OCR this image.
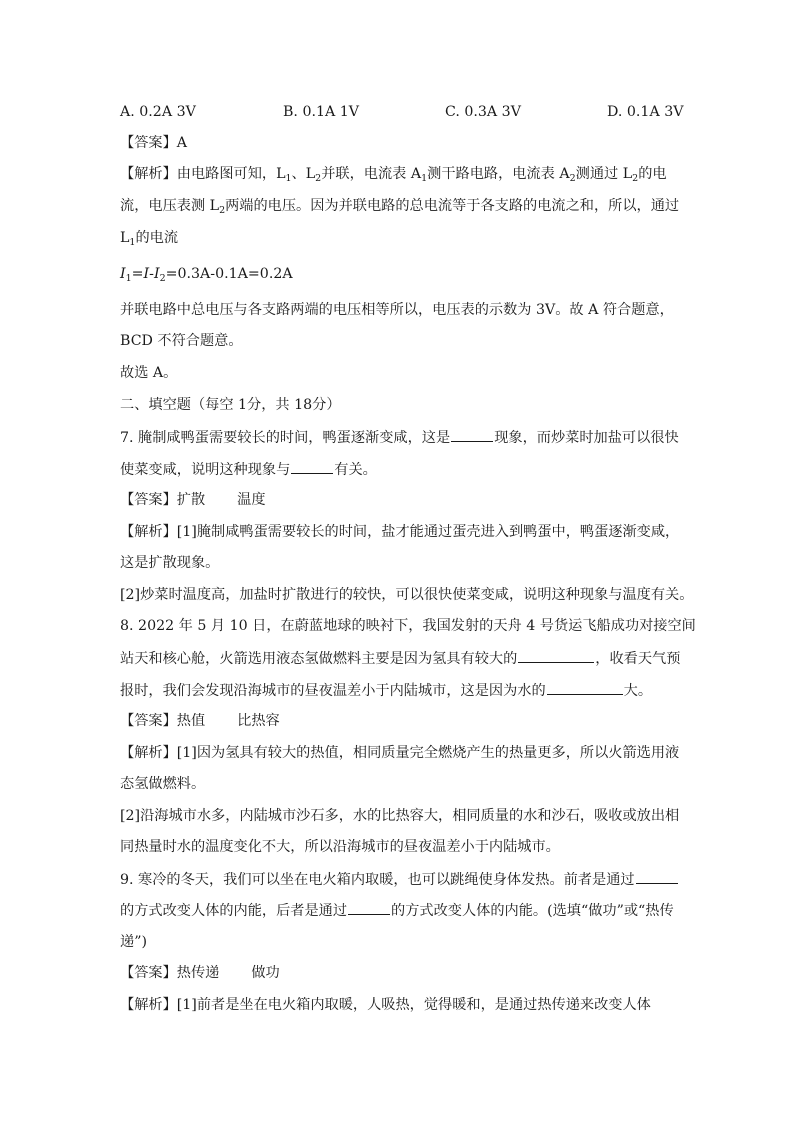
A. 0.2A 3V	B. 0.1A 1V	C. 0.3A 3V	D. 0.1A 3V
【答案】A
【解析】由电路图可知，$L_1$、$L_2$并联，电流表 $A_1$测干路电路，电流表 $A_2$测通过 $L_2$的电
流，电压表测 $L_2$两端的电压。因为并联电路的总电流等于各支路的电流之和，所以，通过
$L_1$的电流
$I_1=I-I_2=0.3A-0.1A=0.2A$
并联电路中总电压与各支路两端的电压相等所以，电压表的示数为 3V。故 A 符合题意，
BCD 不符合题意。
故选 A。
二、填空题（每空 1分，共 18分）
7. 腌制咸鸭蛋需要较长的时间，鸭蛋逐渐变咸，这是	现象，而炒菜时加盐可以很快
使菜变咸，说明这种现象与	有关。
【答案】扩散 温度
【解析】[1]腌制咸鸭蛋需要较长的时间，盐才能通过蛋壳进入到鸭蛋中，鸭蛋逐渐变咸，
这是扩散现象。
[2]炒菜时温度高，加盐时扩散进行的较快，可以很快使菜变咸，说明这种现象与温度有关。
8. 2022 年 5 月 10 日，在蔚蓝地球的映衬下，我国发射的天舟 4 号货运飞船成功对接空间
站天和核心舱，火箭选用液态氢做燃料主要是因为氢具有较大的	，收看天气预
报时，我们会发现沿海城市的昼夜温差小于内陆城市，这是因为水的	大。
【答案】热值 比热容
【解析】[1]因为氢具有较大的热值，相同质量完全燃烧产生的热量更多，所以火箭选用液
态氢做燃料。
[2]沿海城市水多，内陆城市沙石多，水的比热容大，相同质量的水和沙石，吸收或放出相
同热量时水的温度变化不大，所以沿海城市的昼夜温差小于内陆城市。
9. 寒冷的冬天，我们可以坐在电火箱内取暖，也可以跳绳使身体发热。前者是通过
的方式改变人体的内能，后者是通过	的方式改变人体的内能。(选填“做功”或“热传
递”)
【答案】热传递 做功
【解析】[1]前者是坐在电火箱内取暖，人吸热，觉得暖和，是通过热传递来改变人体
